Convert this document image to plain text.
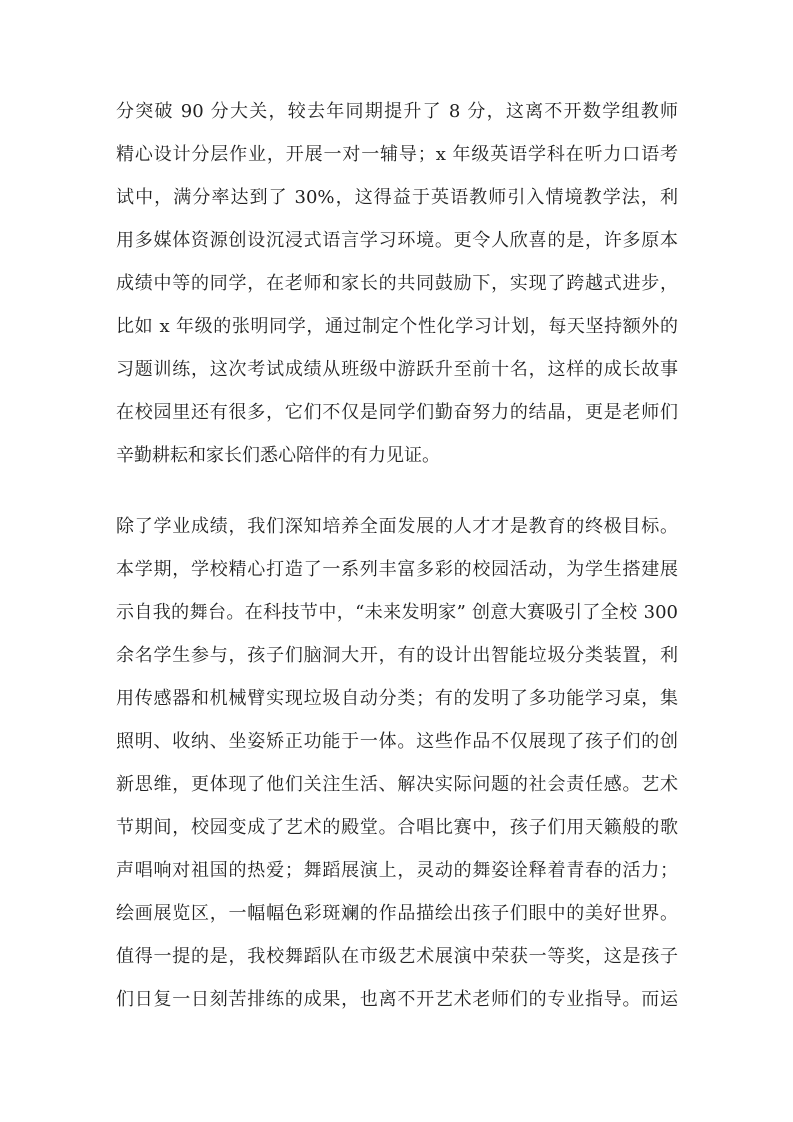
分突破 90 分大关，较去年同期提升了 8 分，这离不开数学组教师
精心设计分层作业，开展一对一辅导；x 年级英语学科在听力口语考
试中，满分率达到了 30%，这得益于英语教师引入情境教学法，利
用多媒体资源创设沉浸式语言学习环境。更令人欣喜的是，许多原本
成绩中等的同学，在老师和家长的共同鼓励下，实现了跨越式进步，
比如 x 年级的张明同学，通过制定个性化学习计划，每天坚持额外的
习题训练，这次考试成绩从班级中游跃升至前十名，这样的成长故事
在校园里还有很多，它们不仅是同学们勤奋努力的结晶，更是老师们
辛勤耕耘和家长们悉心陪伴的有力见证。
除了学业成绩，我们深知培养全面发展的人才才是教育的终极目标。
本学期，学校精心打造了一系列丰富多彩的校园活动，为学生搭建展
示自我的舞台。在科技节中，“未来发明家” 创意大赛吸引了全校 300
余名学生参与，孩子们脑洞大开，有的设计出智能垃圾分类装置，利
用传感器和机械臂实现垃圾自动分类；有的发明了多功能学习桌，集
照明、收纳、坐姿矫正功能于一体。这些作品不仅展现了孩子们的创
新思维，更体现了他们关注生活、解决实际问题的社会责任感。艺术
节期间，校园变成了艺术的殿堂。合唱比赛中，孩子们用天籁般的歌
声唱响对祖国的热爱；舞蹈展演上，灵动的舞姿诠释着青春的活力；
绘画展览区，一幅幅色彩斑斓的作品描绘出孩子们眼中的美好世界。
值得一提的是，我校舞蹈队在市级艺术展演中荣获一等奖，这是孩子
们日复一日刻苦排练的成果，也离不开艺术老师们的专业指导。而运
